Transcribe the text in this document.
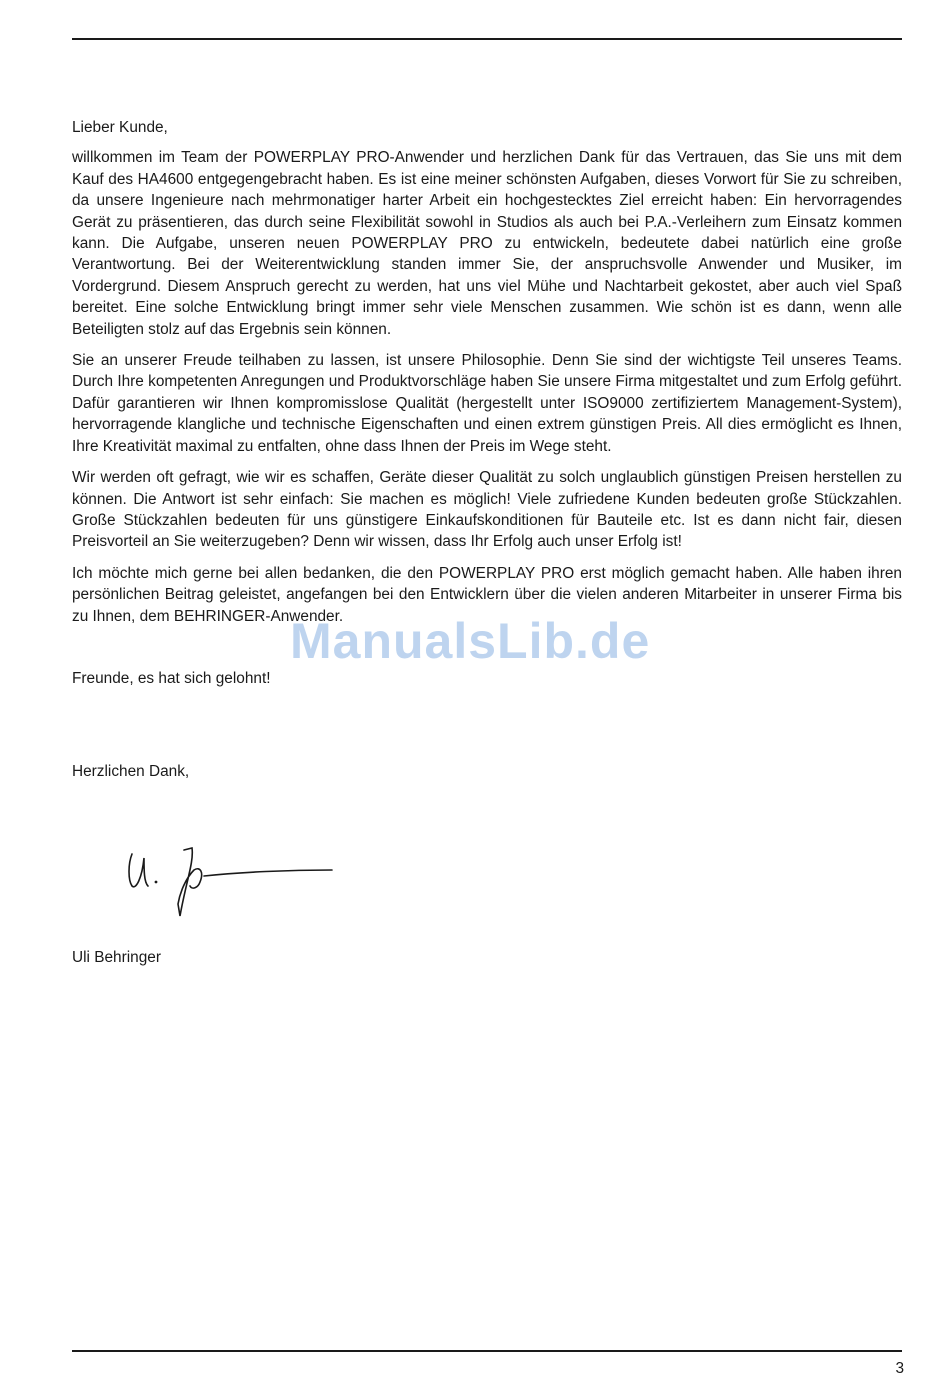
Lieber Kunde,

willkommen im Team der POWERPLAY PRO-Anwender und herzlichen Dank für das Vertrauen, das Sie uns mit dem Kauf des HA4600 entgegengebracht haben. Es ist eine meiner schönsten Aufgaben, dieses Vorwort für Sie zu schreiben, da unsere Ingenieure nach mehrmonatiger harter Arbeit ein hochgestecktes Ziel erreicht haben: Ein hervorragendes Gerät zu präsentieren, das durch seine Flexibilität sowohl in Studios als auch bei P.A.-Verleihern zum Einsatz kommen kann. Die Aufgabe, unseren neuen POWERPLAY PRO zu entwickeln, bedeutete dabei natürlich eine große Verantwortung. Bei der Weiterentwicklung standen immer Sie, der anspruchsvolle Anwender und Musiker, im Vordergrund. Diesem Anspruch gerecht zu werden, hat uns viel Mühe und Nachtarbeit gekostet, aber auch viel Spaß bereitet. Eine solche Entwicklung bringt immer sehr viele Menschen zusammen. Wie schön ist es dann, wenn alle Beteiligten stolz auf das Ergebnis sein können.

Sie an unserer Freude teilhaben zu lassen, ist unsere Philosophie. Denn Sie sind der wichtigste Teil unseres Teams. Durch Ihre kompetenten Anregungen und Produktvorschläge haben Sie unsere Firma mitgestaltet und zum Erfolg geführt. Dafür garantieren wir Ihnen kompromisslose Qualität (hergestellt unter ISO9000 zertifiziertem Management-System), hervorragende klangliche und technische Eigenschaften und einen extrem günstigen Preis. All dies ermöglicht es Ihnen, Ihre Kreativität maximal zu entfalten, ohne dass Ihnen der Preis im Wege steht.

Wir werden oft gefragt, wie wir es schaffen, Geräte dieser Qualität zu solch unglaublich günstigen Preisen herstellen zu können. Die Antwort ist sehr einfach: Sie machen es möglich! Viele zufriedene Kunden bedeuten große Stückzahlen. Große Stückzahlen bedeuten für uns günstigere Einkaufskonditionen für Bauteile etc. Ist es dann nicht fair, diesen Preisvorteil an Sie weiterzugeben? Denn wir wissen, dass Ihr Erfolg auch unser Erfolg ist!

Ich möchte mich gerne bei allen bedanken, die den POWERPLAY PRO erst möglich gemacht haben. Alle haben ihren persönlichen Beitrag geleistet, angefangen bei den Entwicklern über die vielen anderen Mitarbeiter in unserer Firma bis zu Ihnen, dem BEHRINGER-Anwender.

Freunde, es hat sich gelohnt!

Herzlichen Dank,

Uli Behringer
ManualsLib.de
3
